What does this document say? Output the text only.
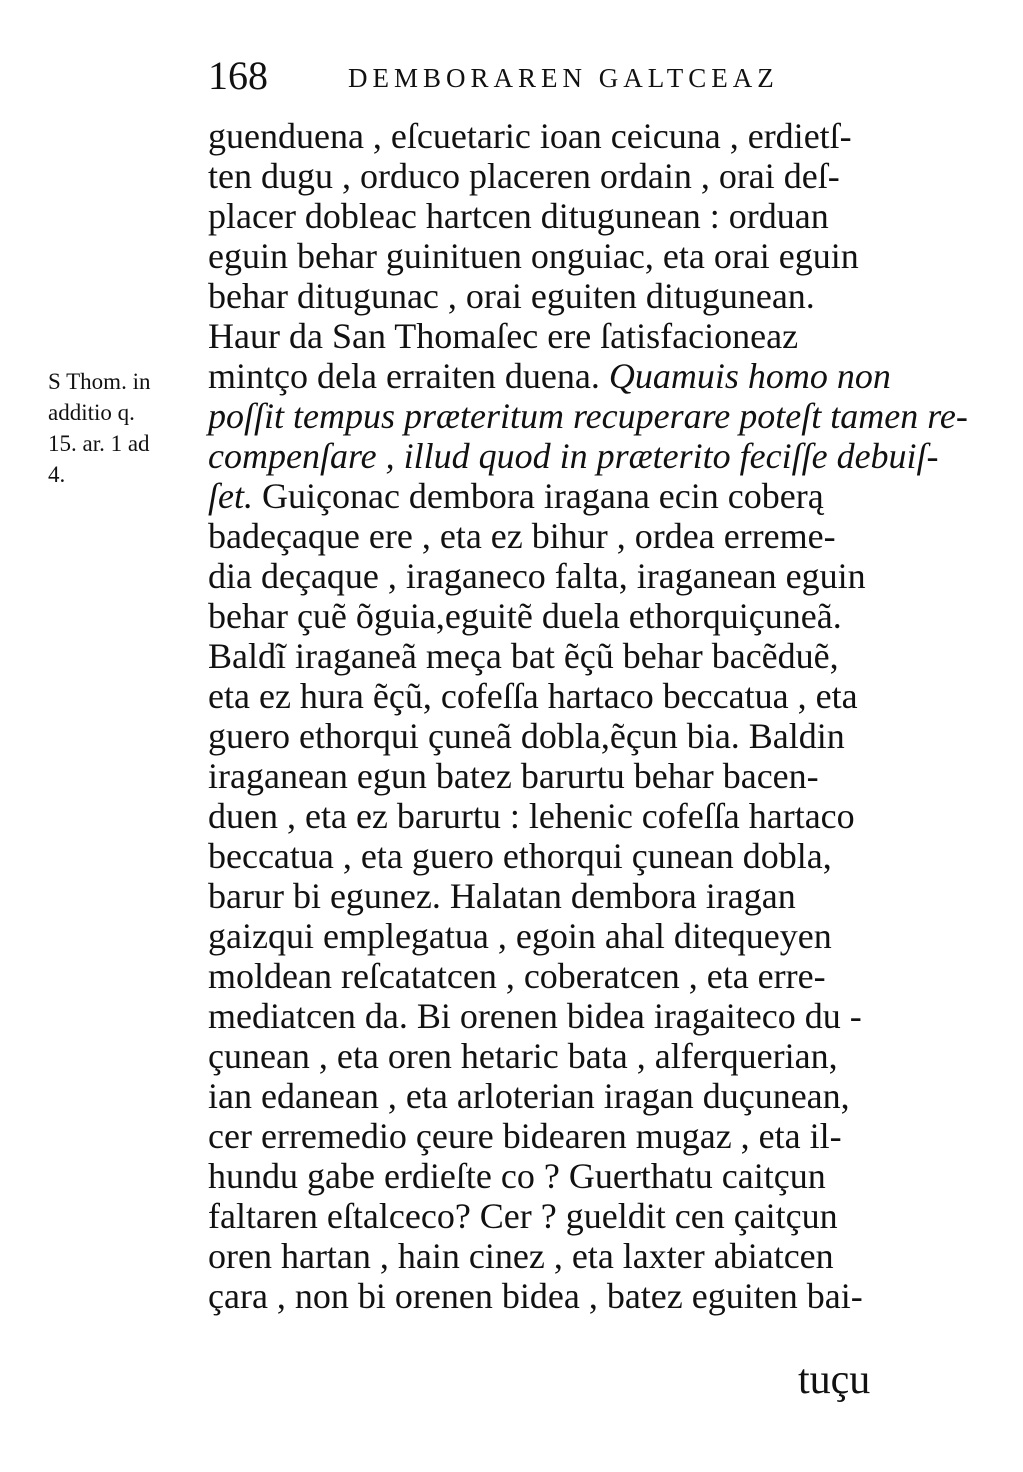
168	DEMBORAREN GALTCEAZ
S Thom. in
additio q.
15. ar. 1 ad
4.
guenduena , eſcuetaric ioan ceicuna , erdietſ-
ten dugu , orduco placeren ordain , orai deſ-
placer dobleac hartcen ditugunean : orduan
eguin behar guinituen onguiac, eta orai eguin
behar ditugunac , orai eguiten ditugunean.
Haur da San Thomaſec ere ſatisfacioneaz
mintço dela erraiten duena. Quamuis homo non
poſſit tempus præteritum recuperare poteſt tamen re-
compenſare , illud quod in præterito feciſſe debuiſ-
ſet. Guiçonac dembora iragana ecin coberą
badeçaque ere , eta ez bihur , ordea erreme-
dia deçaque , iraganeco falta, iraganean eguin
behar çuẽ õguia,eguitẽ duela ethorquiçuneã.
Baldĩ iraganeã meça bat ẽçũ behar bacẽduẽ,
eta ez hura ẽçũ, cofeſſa hartaco beccatua , eta
guero ethorqui çuneã dobla,ẽçun bia. Baldin
iraganean egun batez barurtu behar bacen-
duen , eta ez barurtu : lehenic cofeſſa hartaco
beccatua , eta guero ethorqui çunean dobla,
barur bi egunez. Halatan dembora iragan
gaizqui emplegatua , egoin ahal ditequeyen
moldean reſcatatcen , coberatcen , eta erre-
mediatcen da. Bi orenen bidea iragaiteco du -
çunean , eta oren hetaric bata , alferquerian,
ian edanean , eta arloterian iragan duçunean,
cer erremedio çeure bidearen mugaz , eta il-
hundu gabe erdieſte co ? Guerthatu caitçun
faltaren eſtalceco? Cer ? gueldit cen çaitçun
oren hartan , hain cinez , eta laxter abiatcen
çara , non bi orenen bidea , batez eguiten bai-
tuçu
